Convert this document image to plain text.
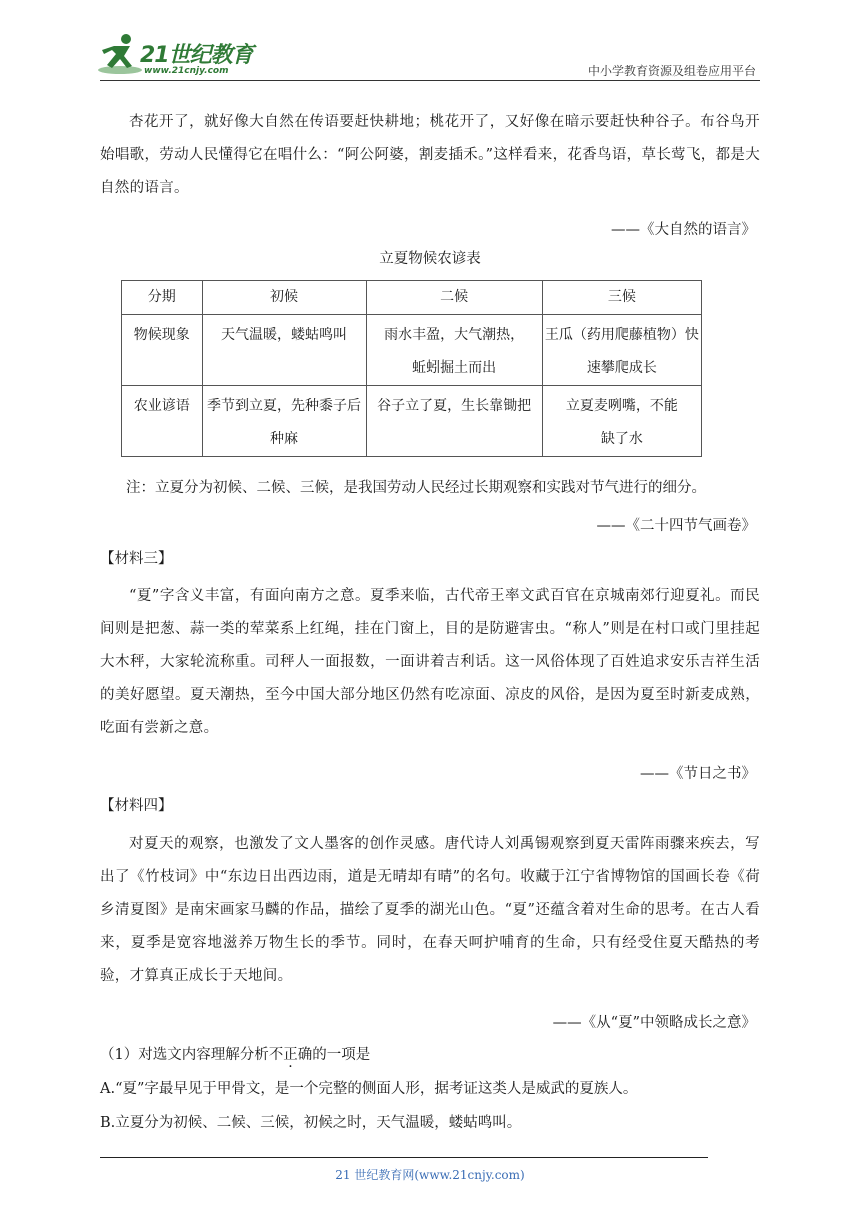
21世纪教育
www.21cnjy.com	中小学教育资源及组卷应用平台
杏花开了，就好像大自然在传语要赶快耕地；桃花开了，又好像在暗示要赶快种谷子。布谷鸟开始唱歌，劳动人民懂得它在唱什么：“阿公阿婆，割麦插禾。”这样看来，花香鸟语，草长莺飞，都是大自然的语言。
——《大自然的语言》
立夏物候农谚表
分期	初候	二候	三候
物候现象	天气温暖，蝼蛄鸣叫	雨水丰盈，大气潮热，蚯蚓掘土而出	王瓜（药用爬藤植物）快速攀爬成长
农业谚语	季节到立夏，先种黍子后种麻	谷子立了夏，生长靠锄把	立夏麦咧嘴，不能缺了水
注：立夏分为初候、二候、三候，是我国劳动人民经过长期观察和实践对节气进行的细分。
——《二十四节气画卷》
【材料三】
“夏”字含义丰富，有面向南方之意。夏季来临，古代帝王率文武百官在京城南郊行迎夏礼。而民间则是把葱、蒜一类的荤菜系上红绳，挂在门窗上，目的是防避害虫。“称人”则是在村口或门里挂起大木秤，大家轮流称重。司秤人一面报数，一面讲着吉利话。这一风俗体现了百姓追求安乐吉祥生活的美好愿望。夏天潮热，至今中国大部分地区仍然有吃凉面、凉皮的风俗，是因为夏至时新麦成熟，吃面有尝新之意。
——《节日之书》
【材料四】
对夏天的观察，也激发了文人墨客的创作灵感。唐代诗人刘禹锡观察到夏天雷阵雨骤来疾去，写出了《竹枝词》中“东边日出西边雨，道是无晴却有晴”的名句。收藏于江宁省博物馆的国画长卷《荷乡清夏图》是南宋画家马麟的作品，描绘了夏季的湖光山色。“夏”还蕴含着对生命的思考。在古人看来，夏季是宽容地滋养万物生长的季节。同时，在春天呵护哺育的生命，只有经受住夏天酷热的考验，才算真正成长于天地间。
——《从“夏”中领略成长之意》
（1）对选文内容理解分析不正确的一项是
A.“夏”字最早见于甲骨文，是一个完整的侧面人形，据考证这类人是威武的夏族人。
B.立夏分为初候、二候、三候，初候之时，天气温暖，蝼蛄鸣叫。
21 世纪教育网(www.21cnjy.com)
